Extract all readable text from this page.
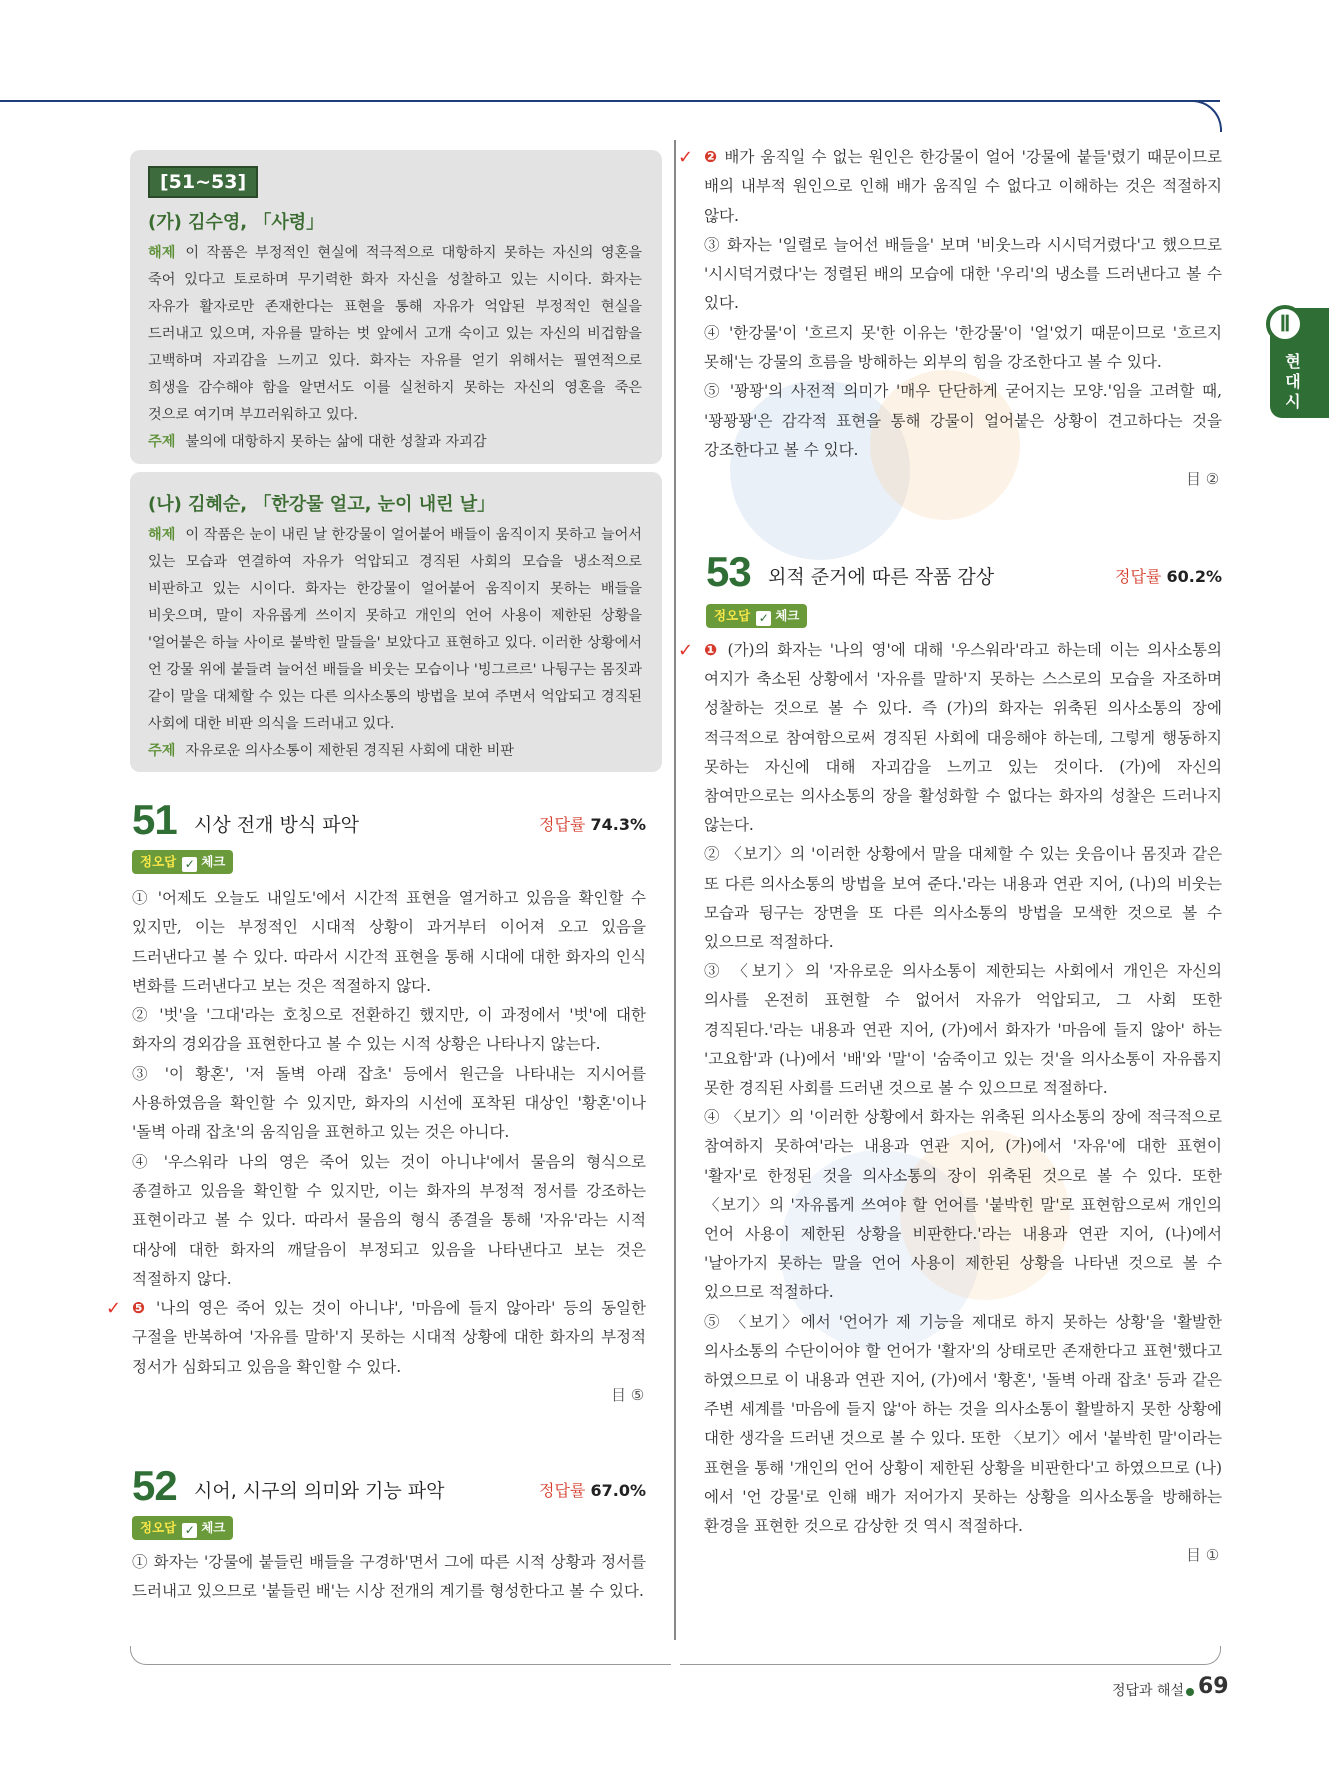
[51~53]
(가) 김수영, 「사령」
해제 이 작품은 부정적인 현실에 적극적으로 대항하지 못하는 자신의 영혼을 죽어 있다고 토로하며 무기력한 화자 자신을 성찰하고 있는 시이다. 화자는 자유가 활자로만 존재한다는 표현을 통해 자유가 억압된 부정적인 현실을 드러내고 있으며, 자유를 말하는 벗 앞에서 고개 숙이고 있는 자신의 비겁함을 고백하며 자괴감을 느끼고 있다. 화자는 자유를 얻기 위해서는 필연적으로 희생을 감수해야 함을 알면서도 이를 실천하지 못하는 자신의 영혼을 죽은 것으로 여기며 부끄러워하고 있다.
주제 불의에 대항하지 못하는 삶에 대한 성찰과 자괴감
(나) 김혜순, 「한강물 얼고, 눈이 내린 날」
해제 이 작품은 눈이 내린 날 한강물이 얼어붙어 배들이 움직이지 못하고 늘어서 있는 모습과 연결하여 자유가 억압되고 경직된 사회의 모습을 냉소적으로 비판하고 있는 시이다. 화자는 한강물이 얼어붙어 움직이지 못하는 배들을 비웃으며, 말이 자유롭게 쓰이지 못하고 개인의 언어 사용이 제한된 상황을 '얼어붙은 하늘 사이로 붙박힌 말들을' 보았다고 표현하고 있다. 이러한 상황에서 언 강물 위에 붙들려 늘어선 배들을 비웃는 모습이나 '빙그르르' 나뒹구는 몸짓과 같이 말을 대체할 수 있는 다른 의사소통의 방법을 보여 주면서 억압되고 경직된 사회에 대한 비판 의식을 드러내고 있다.
주제 자유로운 의사소통이 제한된 경직된 사회에 대한 비판
51 시상 전개 방식 파악	정답률 74.3%
정오답 ✓ 체크

① '어제도 오늘도 내일도'에서 시간적 표현을 열거하고 있음을 확인할 수 있지만, 이는 부정적인 시대적 상황이 과거부터 이어져 오고 있음을 드러낸다고 볼 수 있다. 따라서 시간적 표현을 통해 시대에 대한 화자의 인식 변화를 드러낸다고 보는 것은 적절하지 않다.

② '벗'을 '그대'라는 호칭으로 전환하긴 했지만, 이 과정에서 '벗'에 대한 화자의 경외감을 표현한다고 볼 수 있는 시적 상황은 나타나지 않는다.

③ '이 황혼', '저 돌벽 아래 잡초' 등에서 원근을 나타내는 지시어를 사용하였음을 확인할 수 있지만, 화자의 시선에 포착된 대상인 '황혼'이나 '돌벽 아래 잡초'의 움직임을 표현하고 있는 것은 아니다.

④ '우스워라 나의 영은 죽어 있는 것이 아니냐'에서 물음의 형식으로 종결하고 있음을 확인할 수 있지만, 이는 화자의 부정적 정서를 강조하는 표현이라고 볼 수 있다. 따라서 물음의 형식 종결을 통해 '자유'라는 시적 대상에 대한 화자의 깨달음이 부정되고 있음을 나타낸다고 보는 것은 적절하지 않다.

✓ ❺ '나의 영은 죽어 있는 것이 아니냐', '마음에 들지 않아라' 등의 동일한 구절을 반복하여 '자유를 말하'지 못하는 시대적 상황에 대한 화자의 부정적 정서가 심화되고 있음을 확인할 수 있다.

目 ⑤
52 시어, 시구의 의미와 기능 파악	정답률 67.0%
정오답 ✓ 체크

① 화자는 '강물에 붙들린 배들을 구경하'면서 그에 따른 시적 상황과 정서를 드러내고 있으므로 '붙들린 배'는 시상 전개의 계기를 형성한다고 볼 수 있다.

✓ ❷ 배가 움직일 수 없는 원인은 한강물이 얼어 '강물에 붙들'렸기 때문이므로 배의 내부적 원인으로 인해 배가 움직일 수 없다고 이해하는 것은 적절하지 않다.

③ 화자는 '일렬로 늘어선 배들을' 보며 '비웃느라 시시덕거렸다'고 했으므로 '시시덕거렸다'는 정렬된 배의 모습에 대한 '우리'의 냉소를 드러낸다고 볼 수 있다.

④ '한강물'이 '흐르지 못'한 이유는 '한강물'이 '얼'었기 때문이므로 '흐르지 못해'는 강물의 흐름을 방해하는 외부의 힘을 강조한다고 볼 수 있다.

⑤ '꽝꽝'의 사전적 의미가 '매우 단단하게 굳어지는 모양.'임을 고려할 때, '꽝꽝꽝'은 감각적 표현을 통해 강물이 얼어붙은 상황이 견고하다는 것을 강조한다고 볼 수 있다.

目 ②
53 외적 준거에 따른 작품 감상	정답률 60.2%
정오답 ✓ 체크

✓ ❶ (가)의 화자는 '나의 영'에 대해 '우스워라'라고 하는데 이는 의사소통의 여지가 축소된 상황에서 '자유를 말하'지 못하는 스스로의 모습을 자조하며 성찰하는 것으로 볼 수 있다. 즉 (가)의 화자는 위축된 의사소통의 장에 적극적으로 참여함으로써 경직된 사회에 대응해야 하는데, 그렇게 행동하지 못하는 자신에 대해 자괴감을 느끼고 있는 것이다. (가)에 자신의 참여만으로는 의사소통의 장을 활성화할 수 없다는 화자의 성찰은 드러나지 않는다.

② 〈보기〉의 '이러한 상황에서 말을 대체할 수 있는 웃음이나 몸짓과 같은 또 다른 의사소통의 방법을 보여 준다.'라는 내용과 연관 지어, (나)의 비웃는 모습과 뒹구는 장면을 또 다른 의사소통의 방법을 모색한 것으로 볼 수 있으므로 적절하다.

③ 〈보기〉의 '자유로운 의사소통이 제한되는 사회에서 개인은 자신의 의사를 온전히 표현할 수 없어서 자유가 억압되고, 그 사회 또한 경직된다.'라는 내용과 연관 지어, (가)에서 화자가 '마음에 들지 않아' 하는 '고요함'과 (나)에서 '배'와 '말'이 '숨죽이고 있는 것'을 의사소통이 자유롭지 못한 경직된 사회를 드러낸 것으로 볼 수 있으므로 적절하다.

④ 〈보기〉의 '이러한 상황에서 화자는 위축된 의사소통의 장에 적극적으로 참여하지 못하여'라는 내용과 연관 지어, (가)에서 '자유'에 대한 표현이 '활자'로 한정된 것을 의사소통의 장이 위축된 것으로 볼 수 있다. 또한 〈보기〉의 '자유롭게 쓰여야 할 언어를 '붙박힌 말'로 표현함으로써 개인의 언어 사용이 제한된 상황을 비판한다.'라는 내용과 연관 지어, (나)에서 '날아가지 못하는 말을 언어 사용이 제한된 상황을 나타낸 것으로 볼 수 있으므로 적절하다.

⑤ 〈보기〉에서 '언어가 제 기능을 제대로 하지 못하는 상황'을 '활발한 의사소통의 수단이어야 할 언어가 '활자'의 상태로만 존재한다고 표현'했다고 하였으므로 이 내용과 연관 지어, (가)에서 '황혼', '돌벽 아래 잡초' 등과 같은 주변 세계를 '마음에 들지 않'아 하는 것을 의사소통이 활발하지 못한 상황에 대한 생각을 드러낸 것으로 볼 수 있다. 또한 〈보기〉에서 '붙박힌 말'이라는 표현을 통해 '개인의 언어 상황이 제한된 상황을 비판한다'고 하였으므로 (나)에서 '언 강물'로 인해 배가 저어가지 못하는 상황을 의사소통을 방해하는 환경을 표현한 것으로 감상한 것 역시 적절하다.

目 ①
Ⅱ
현대시
정답과 해설 69
